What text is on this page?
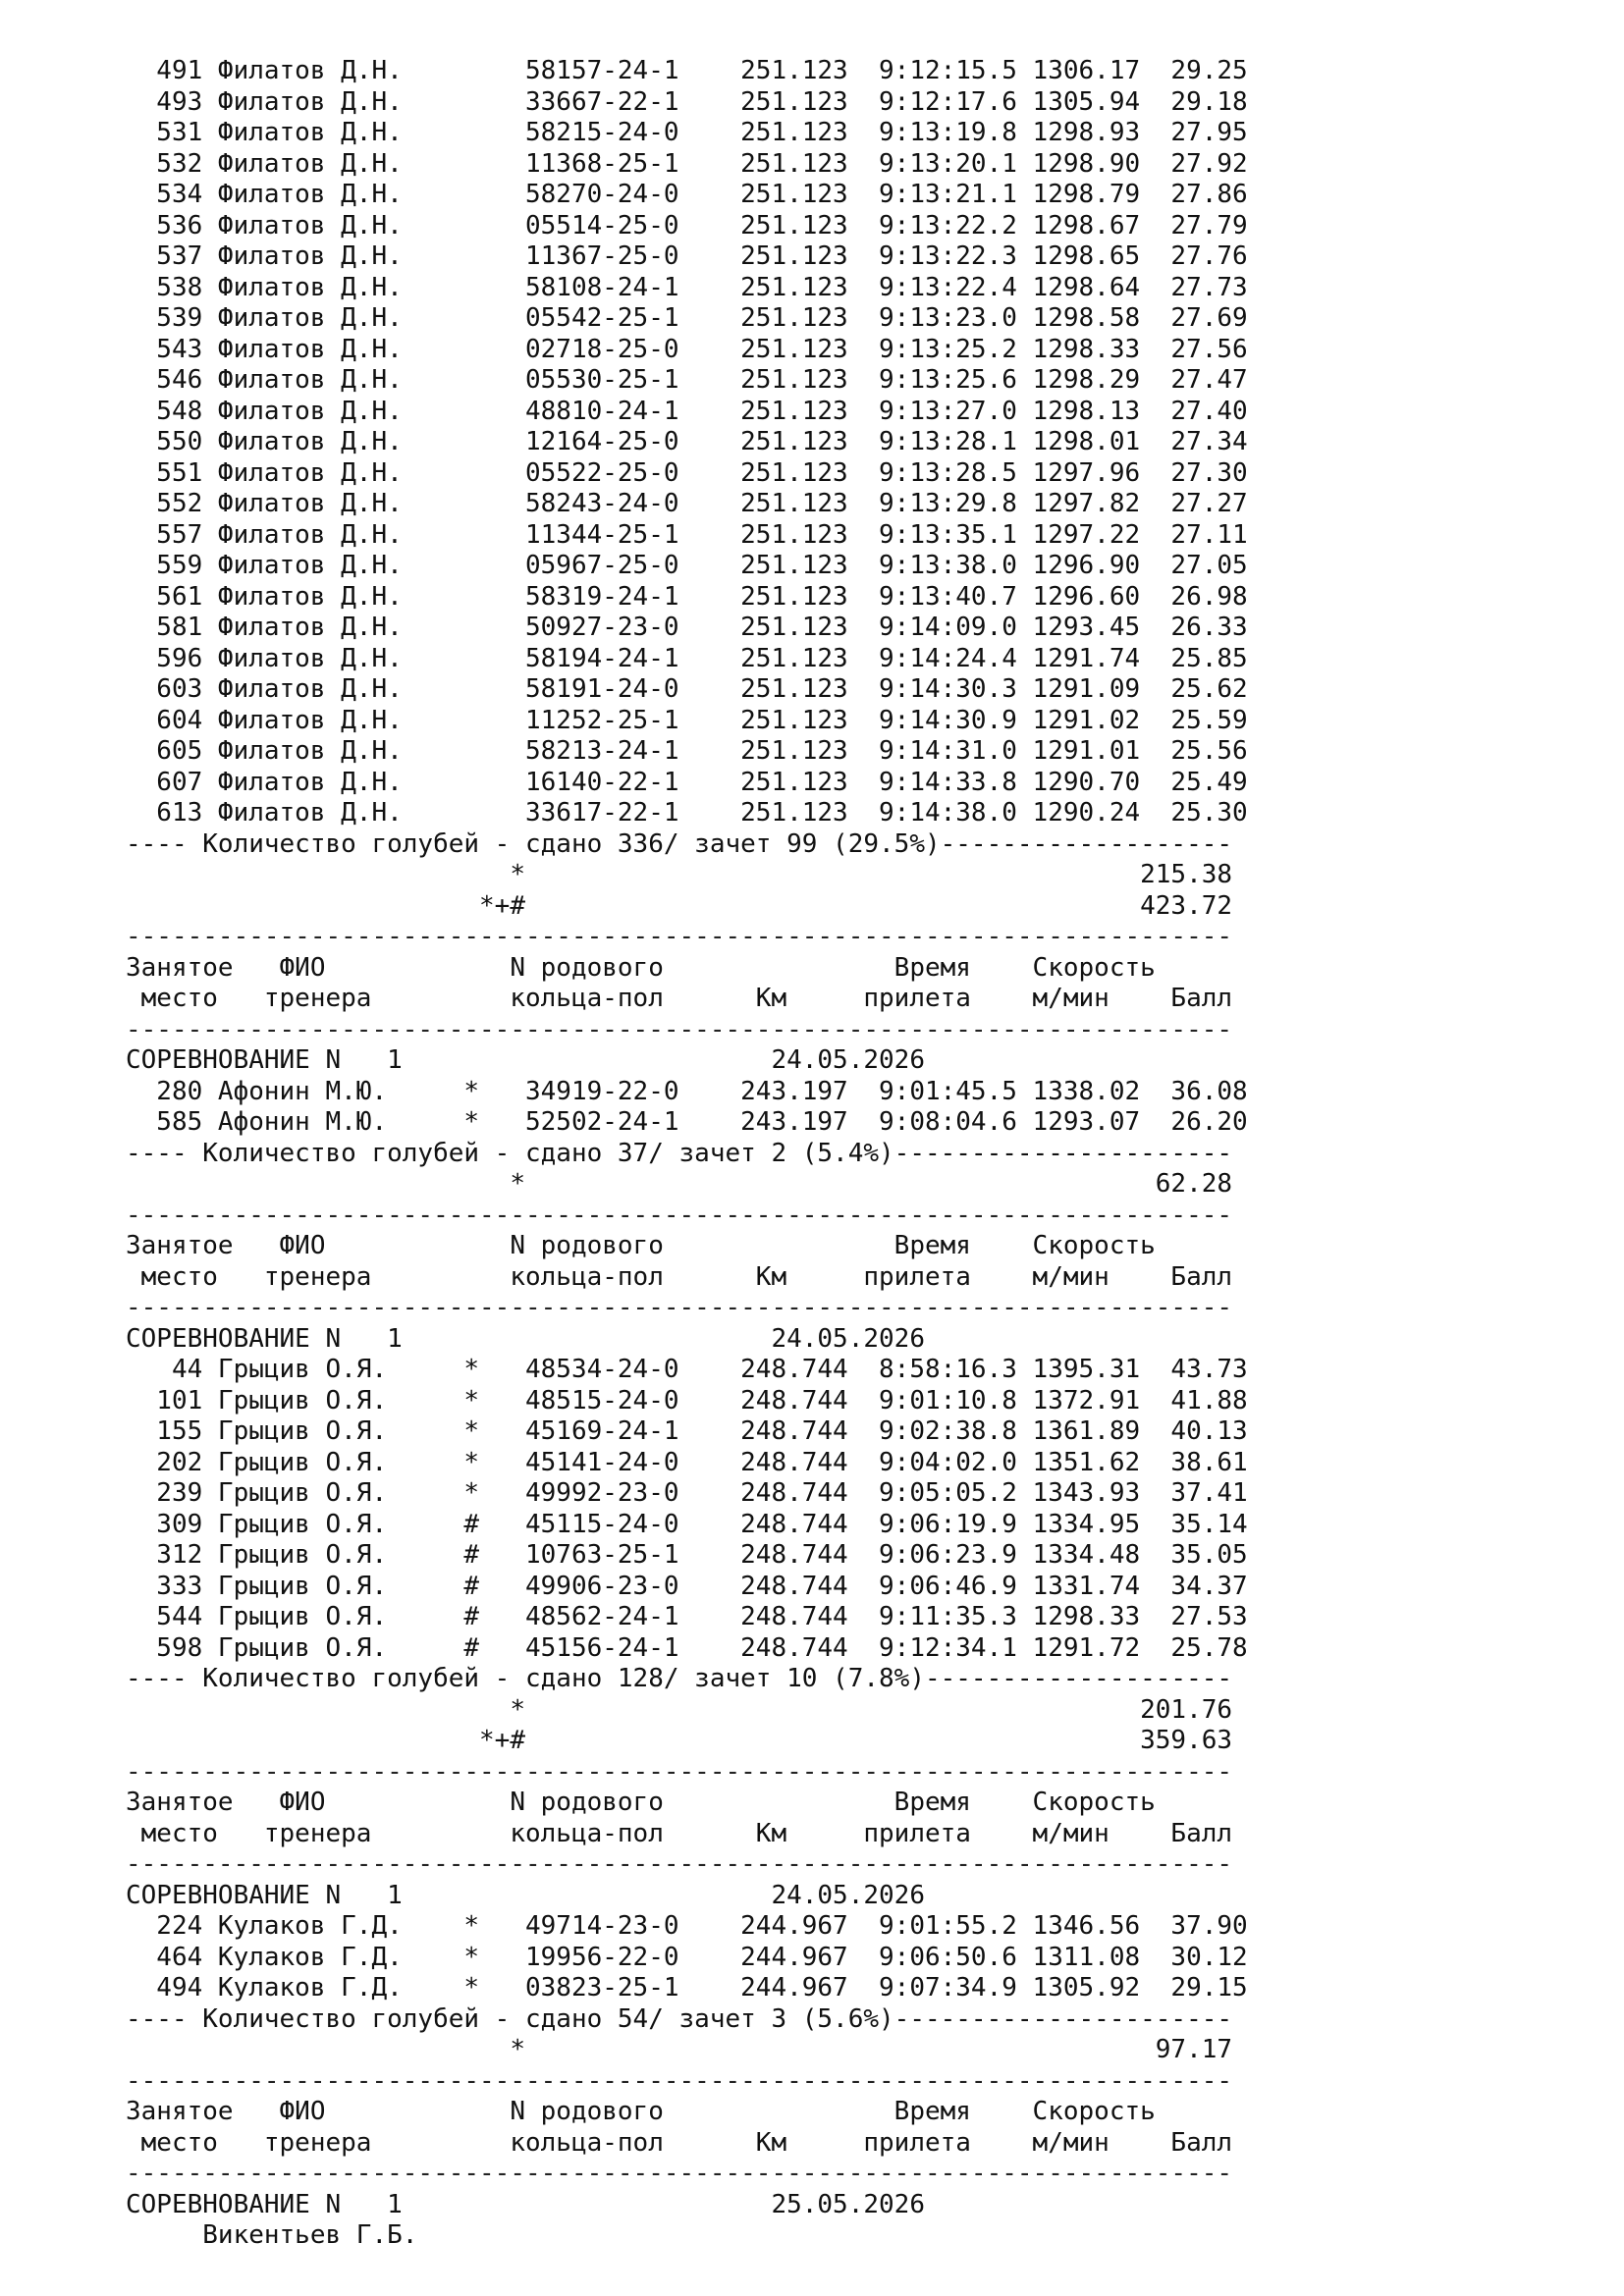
491 Филатов Д.Н.        58157-24-1    251.123  9:12:15.5 1306.17  29.25
493 Филатов Д.Н.        33667-22-1    251.123  9:12:17.6 1305.94  29.18
531 Филатов Д.Н.        58215-24-0    251.123  9:13:19.8 1298.93  27.95
532 Филатов Д.Н.        11368-25-1    251.123  9:13:20.1 1298.90  27.92
534 Филатов Д.Н.        58270-24-0    251.123  9:13:21.1 1298.79  27.86
536 Филатов Д.Н.        05514-25-0    251.123  9:13:22.2 1298.67  27.79
537 Филатов Д.Н.        11367-25-0    251.123  9:13:22.3 1298.65  27.76
538 Филатов Д.Н.        58108-24-1    251.123  9:13:22.4 1298.64  27.73
539 Филатов Д.Н.        05542-25-1    251.123  9:13:23.0 1298.58  27.69
543 Филатов Д.Н.        02718-25-0    251.123  9:13:25.2 1298.33  27.56
546 Филатов Д.Н.        05530-25-1    251.123  9:13:25.6 1298.29  27.47
548 Филатов Д.Н.        48810-24-1    251.123  9:13:27.0 1298.13  27.40
550 Филатов Д.Н.        12164-25-0    251.123  9:13:28.1 1298.01  27.34
551 Филатов Д.Н.        05522-25-0    251.123  9:13:28.5 1297.96  27.30
552 Филатов Д.Н.        58243-24-0    251.123  9:13:29.8 1297.82  27.27
557 Филатов Д.Н.        11344-25-1    251.123  9:13:35.1 1297.22  27.11
559 Филатов Д.Н.        05967-25-0    251.123  9:13:38.0 1296.90  27.05
561 Филатов Д.Н.        58319-24-1    251.123  9:13:40.7 1296.60  26.98
581 Филатов Д.Н.        50927-23-0    251.123  9:14:09.0 1293.45  26.33
596 Филатов Д.Н.        58194-24-1    251.123  9:14:24.4 1291.74  25.85
603 Филатов Д.Н.        58191-24-0    251.123  9:14:30.3 1291.09  25.62
604 Филатов Д.Н.        11252-25-1    251.123  9:14:30.9 1291.02  25.59
605 Филатов Д.Н.        58213-24-1    251.123  9:14:31.0 1291.01  25.56
607 Филатов Д.Н.        16140-22-1    251.123  9:14:33.8 1290.70  25.49
613 Филатов Д.Н.        33617-22-1    251.123  9:14:38.0 1290.24  25.30
---- Количество голубей - сдано 336/ зачет 99 (29.5%)-------------------
*                                        215.38
*+#                                        423.72
------------------------------------------------------------------------
Занятое   ФИО            N родового               Время    Скорость
место   тренера         кольца-пол      Км     прилета    м/мин    Балл
------------------------------------------------------------------------
СОРЕВНОВАНИЕ N   1                        24.05.2026
280 Афонин М.Ю.     *   34919-22-0    243.197  9:01:45.5 1338.02  36.08
585 Афонин М.Ю.     *   52502-24-1    243.197  9:08:04.6 1293.07  26.20
---- Количество голубей - сдано 37/ зачет 2 (5.4%)----------------------
*                                         62.28
------------------------------------------------------------------------
Занятое   ФИО            N родового               Время    Скорость
место   тренера         кольца-пол      Км     прилета    м/мин    Балл
------------------------------------------------------------------------
СОРЕВНОВАНИЕ N   1                        24.05.2026
44 Грыцив О.Я.     *   48534-24-0    248.744  8:58:16.3 1395.31  43.73
101 Грыцив О.Я.     *   48515-24-0    248.744  9:01:10.8 1372.91  41.88
155 Грыцив О.Я.     *   45169-24-1    248.744  9:02:38.8 1361.89  40.13
202 Грыцив О.Я.     *   45141-24-0    248.744  9:04:02.0 1351.62  38.61
239 Грыцив О.Я.     *   49992-23-0    248.744  9:05:05.2 1343.93  37.41
309 Грыцив О.Я.     #   45115-24-0    248.744  9:06:19.9 1334.95  35.14
312 Грыцив О.Я.     #   10763-25-1    248.744  9:06:23.9 1334.48  35.05
333 Грыцив О.Я.     #   49906-23-0    248.744  9:06:46.9 1331.74  34.37
544 Грыцив О.Я.     #   48562-24-1    248.744  9:11:35.3 1298.33  27.53
598 Грыцив О.Я.     #   45156-24-1    248.744  9:12:34.1 1291.72  25.78
---- Количество голубей - сдано 128/ зачет 10 (7.8%)--------------------
*                                        201.76
*+#                                        359.63
------------------------------------------------------------------------
Занятое   ФИО            N родового               Время    Скорость
место   тренера         кольца-пол      Км     прилета    м/мин    Балл
------------------------------------------------------------------------
СОРЕВНОВАНИЕ N   1                        24.05.2026
224 Кулаков Г.Д.    *   49714-23-0    244.967  9:01:55.2 1346.56  37.90
464 Кулаков Г.Д.    *   19956-22-0    244.967  9:06:50.6 1311.08  30.12
494 Кулаков Г.Д.    *   03823-25-1    244.967  9:07:34.9 1305.92  29.15
---- Количество голубей - сдано 54/ зачет 3 (5.6%)----------------------
*                                         97.17
------------------------------------------------------------------------
Занятое   ФИО            N родового               Время    Скорость
место   тренера         кольца-пол      Км     прилета    м/мин    Балл
------------------------------------------------------------------------
СОРЕВНОВАНИЕ N   1                        25.05.2026
Викентьев Г.Б.
